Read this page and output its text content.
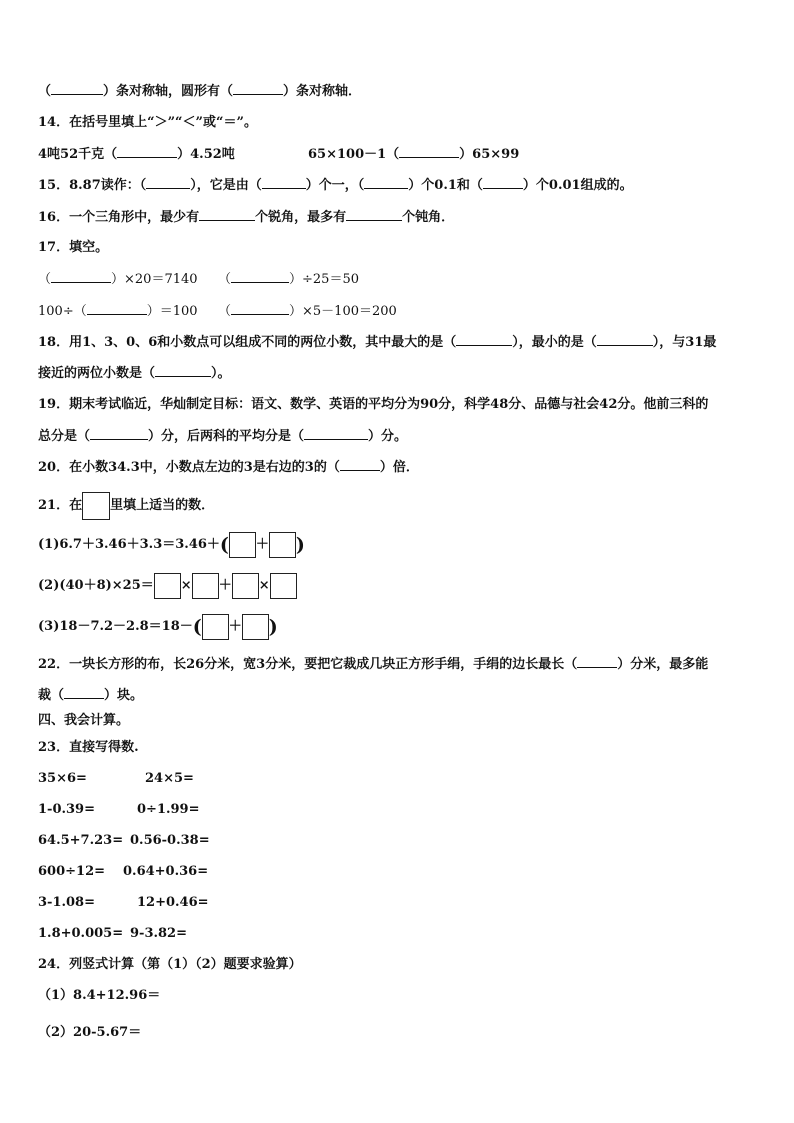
（	）条对称轴，圆形有（	）条对称轴．
14．在括号里填上“＞”“＜”或“＝”。
4吨52千克（	）4.52吨	65×100－1（	）65×99
15．8.87读作：（	），它是由（	）个一，（	）个0.1和（	）个0.01组成的。
16．一个三角形中，最少有	个锐角，最多有	个钝角．
17．填空。
（	）×20＝7140 （	）÷25＝50
100÷（	）＝100 （	）×5－100＝200
18．用1、3、0、6和小数点可以组成不同的两位小数，其中最大的是（	），最小的是（	），与31最
接近的两位小数是（	）。
19．期末考试临近，华灿制定目标：语文、数学、英语的平均分为90分，科学48分、品德与社会42分。他前三科的
总分是（	）分，后两科的平均分是（	）分。
20．在小数34.3中，小数点左边的3是右边的3的（	）倍．
21．在 里填上适当的数．
(1)6.7＋3.46＋3.3＝3.46＋( ＋ )
(2)(40＋8)×25＝ × ＋ ×
(3)18－7.2－2.8＝18－( ＋ )
22．一块长方形的布，长26分米，宽3分米，要把它裁成几块正方形手绢，手绢的边长最长（	）分米，最多能
裁（	）块。
四、我会计算。
23．直接写得数.
35×6=	24×5=
1-0.39=	0÷1.99=
64.5+7.23= 0.56-0.38=
600÷12= 0.64+0.36=
3-1.08=	12+0.46=
1.8+0.005= 9-3.82=
24．列竖式计算（第（1）（2）题要求验算）
（1）8.4+12.96＝
（2）20-5.67＝
